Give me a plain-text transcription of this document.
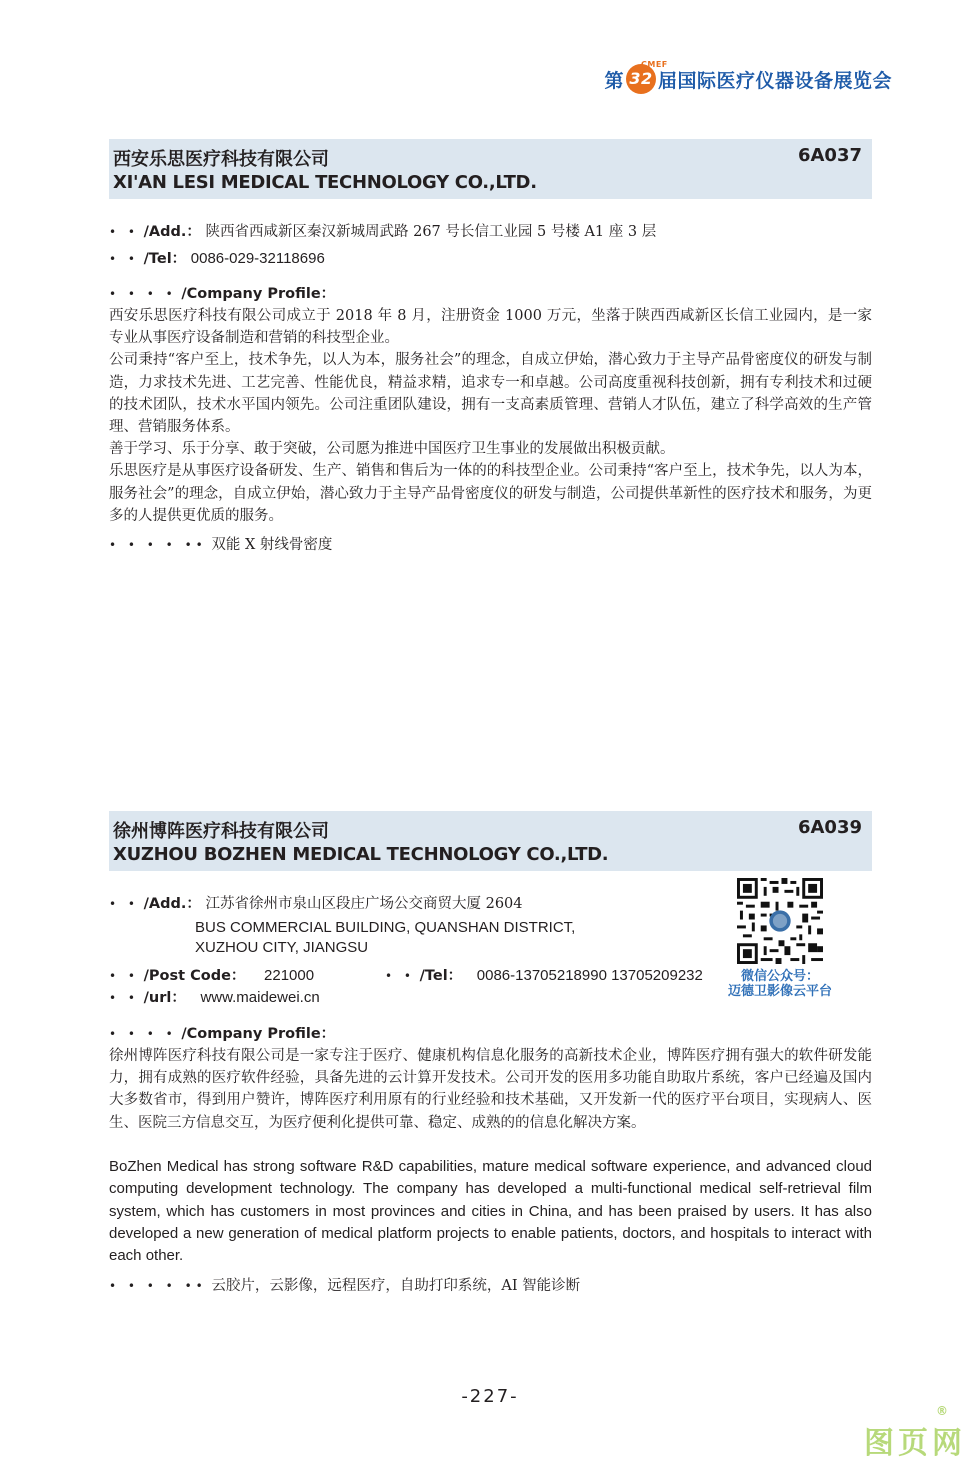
第 32
CMEF
届国际医疗仪器设备展览会
西安乐思医疗科技有限公司
XI'AN LESI MEDICAL TECHNOLOGY CO.,LTD.
6A037
• • /Add.： 陕西省西咸新区秦汉新城周武路 267 号长信工业园 5 号楼 A1 座 3 层
• • /Tel： 0086-029-32118696
• • • • /Company Profile：

西安乐思医疗科技有限公司成立于 2018 年 8 月，注册资金 1000 万元，坐落于陕西西咸新区长信工业园内，是一家专业从事医疗设备制造和营销的科技型企业。

公司秉持“客户至上，技术争先，以人为本，服务社会”的理念，自成立伊始，潜心致力于主导产品骨密度仪的研发与制造，力求技术先进、工艺完善、性能优良，精益求精，追求专一和卓越。公司高度重视科技创新，拥有专利技术和过硬的技术团队，技术水平国内领先。公司注重团队建设，拥有一支高素质管理、营销人才队伍，建立了科学高效的生产管理、营销服务体系。

善于学习、乐于分享、敢于突破，公司愿为推进中国医疗卫生事业的发展做出积极贡献。

乐思医疗是从事医疗设备研发、生产、销售和售后为一体的的科技型企业。公司秉持“客户至上，技术争先，以人为本，服务社会”的理念，自成立伊始，潜心致力于主导产品骨密度仪的研发与制造，公司提供革新性的医疗技术和服务，为更多的人提供更优质的服务。

• • • • •• 双能 X 射线骨密度
徐州博阵医疗科技有限公司
XUZHOU BOZHEN MEDICAL TECHNOLOGY CO.,LTD.
6A039
• • /Add.： 江苏省徐州市泉山区段庄广场公交商贸大厦 2604
BUS COMMERCIAL BUILDING, QUANSHAN DISTRICT,
XUZHOU CITY, JIANGSU
• • /Post Code： 221000	• • /Tel： 0086-13705218990 13705209232
• • /url： www.maidewei.cn
微信公众号：
迈德卫影像云平台
• • • • /Company Profile：
徐州博阵医疗科技有限公司是一家专注于医疗、健康机构信息化服务的高新技术企业，博阵医疗拥有强大的软件研发能力，拥有成熟的医疗软件经验，具备先进的云计算开发技术。公司开发的医用多功能自助取片系统，客户已经遍及国内大多数省市，得到用户赞许，博阵医疗利用原有的行业经验和技术基础，又开发新一代的医疗平台项目，实现病人、医生、医院三方信息交互，为医疗便利化提供可靠、稳定、成熟的的信息化解决方案。
BoZhen Medical has strong software R&D capabilities, mature medical software experience, and advanced cloud computing development technology. The company has developed a multi-functional medical self-retrieval film system, which has customers in most provinces and cities in China, and has been praised by users. It has also developed a new generation of medical platform projects to enable patients, doctors, and hospitals to interact with each other.
• • • • •• 云胶片，云影像，远程医疗，自助打印系统，AI 智能诊断
-227-
图页网
®
